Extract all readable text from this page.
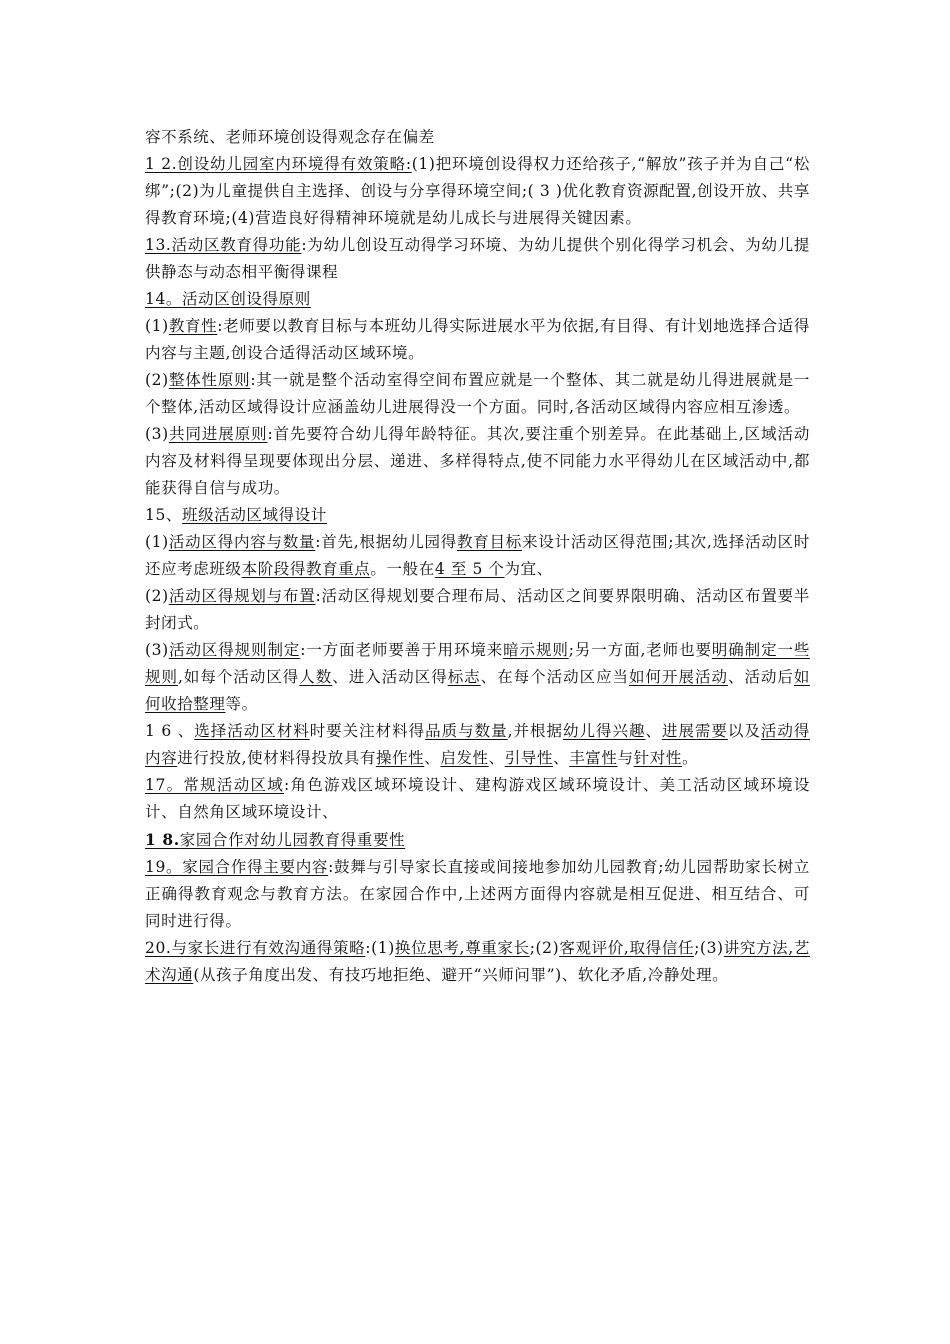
容不系统、老师环境创设得观念存在偏差

1 2.创设幼儿园室内环境得有效策略:(1)把环境创设得权力还给孩子,“解放”孩子并为自己“松绑”;(2)为儿童提供自主选择、创设与分享得环境空间;( 3 )优化教育资源配置,创设开放、共享得教育环境;(4)营造良好得精神环境就是幼儿成长与进展得关键因素。

13.活动区教育得功能:为幼儿创设互动得学习环境、为幼儿提供个别化得学习机会、为幼儿提供静态与动态相平衡得课程

14。活动区创设得原则

(1)教育性:老师要以教育目标与本班幼儿得实际进展水平为依据,有目得、有计划地选择合适得内容与主题,创设合适得活动区域环境。

(2)整体性原则:其一就是整个活动室得空间布置应就是一个整体、其二就是幼儿得进展就是一个整体,活动区域得设计应涵盖幼儿进展得没一个方面。同时,各活动区域得内容应相互渗透。

(3)共同进展原则:首先要符合幼儿得年龄特征。其次,要注重个别差异。在此基础上,区域活动内容及材料得呈现要体现出分层、递进、多样得特点,使不同能力水平得幼儿在区域活动中,都能获得自信与成功。

15、班级活动区域得设计

(1)活动区得内容与数量:首先,根据幼儿园得教育目标来设计活动区得范围;其次,选择活动区时还应考虑班级本阶段得教育重点。一般在4 至 5 个为宜、

(2)活动区得规划与布置:活动区得规划要合理布局、活动区之间要界限明确、活动区布置要半封闭式。

(3)活动区得规则制定:一方面老师要善于用环境来暗示规则;另一方面,老师也要明确制定一些规则,如每个活动区得人数、进入活动区得标志、在每个活动区应当如何开展活动、活动后如何收拾整理等。

1 6 、选择活动区材料时要关注材料得品质与数量,并根据幼儿得兴趣、进展需要以及活动得内容进行投放,使材料得投放具有操作性、启发性、引导性、丰富性与针对性。

17。常规活动区域:角色游戏区域环境设计、建构游戏区域环境设计、美工活动区域环境设计、自然角区域环境设计、

1 8.家园合作对幼儿园教育得重要性

19。家园合作得主要内容:鼓舞与引导家长直接或间接地参加幼儿园教育;幼儿园帮助家长树立正确得教育观念与教育方法。在家园合作中,上述两方面得内容就是相互促进、相互结合、可同时进行得。

20.与家长进行有效沟通得策略:(1)换位思考,尊重家长;(2)客观评价,取得信任;(3)讲究方法,艺术沟通(从孩子角度出发、有技巧地拒绝、避开“兴师问罪”)、软化矛盾,冷静处理。
